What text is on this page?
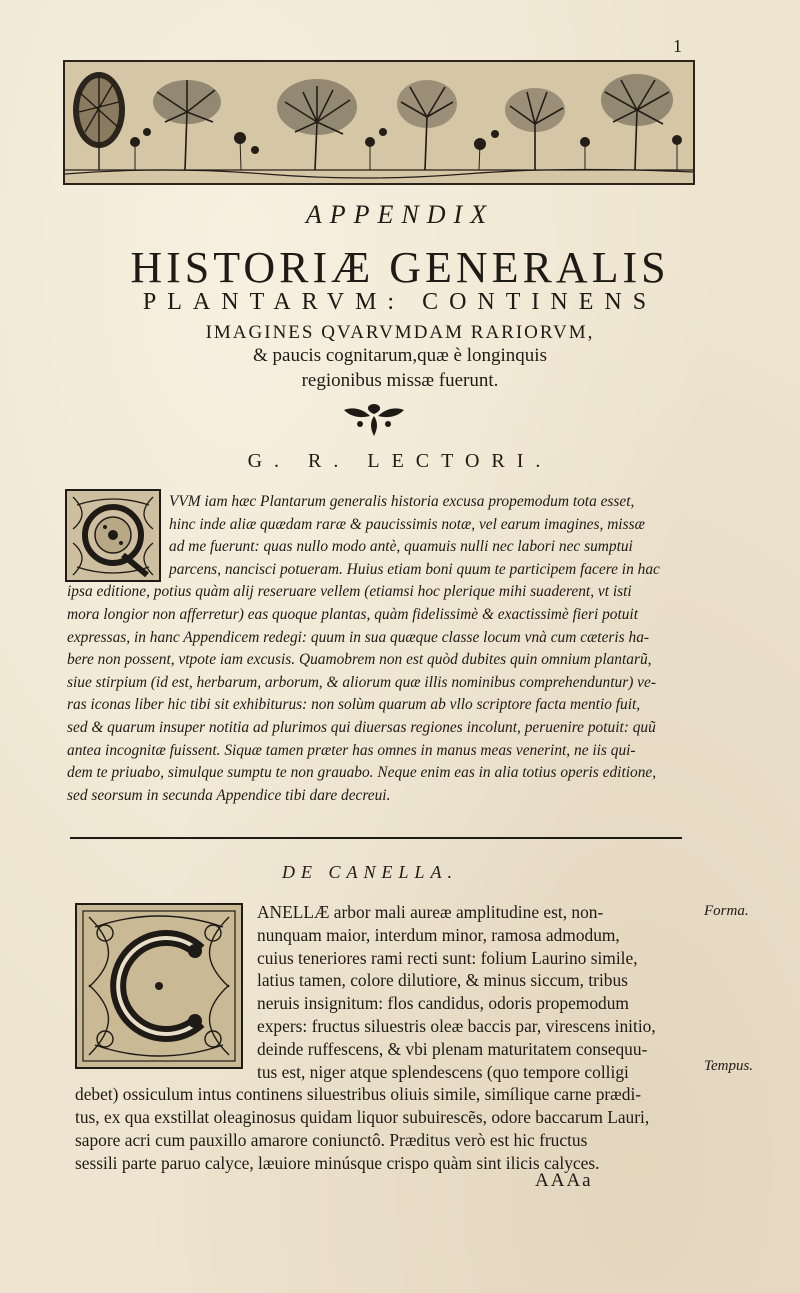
1
APPENDIX
HISTORIÆ GENERALIS
PLANTARVM: CONTINENS
IMAGINES QVARVMDAM RARIORVM,
& paucis cognitarum,quæ è longinquis
regionibus missæ fuerunt.
G. R. LECTORI.
VVM iam hæc Plantarum generalis historia excusa propemodum tota esset,
hinc inde aliæ quædam raræ & paucissimis notæ, vel earum imagines, missæ
ad me fuerunt: quas nullo modo antè, quamuis nulli nec labori nec sumptui
parcens, nancisci potueram. Huius etiam boni quum te participem facere in hac
ipsa editione, potius quàm alij reseruare vellem (etiamsi hoc plerique mihi suaderent, vt isti
mora longior non afferretur) eas quoque plantas, quàm fidelissimè & exactissimè fieri potuit
expressas, in hanc Appendicem redegi: quum in sua quæque classe locum vnà cum cæteris ha-
bere non possent, vtpote iam excusis. Quamobrem non est quòd dubites quin omnium plantarũ,
siue stirpium (id est, herbarum, arborum, & aliorum quæ illis nominibus comprehenduntur) ve-
ras iconas liber hic tibi sit exhibiturus: non solùm quarum ab vllo scriptore facta mentio fuit,
sed & quarum insuper notitia ad plurimos qui diuersas regiones incolunt, peruenire potuit: quũ
antea incognitæ fuissent. Siquæ tamen præter has omnes in manus meas venerint, ne iis qui-
dem te priuabo, simulque sumptu te non grauabo. Neque enim eas in alia totius operis editione,
sed seorsum in secunda Appendice tibi dare decreui.
DE CANELLA.
ANELLÆ arbor mali aureæ amplitudine est, non-
nunquam maior, interdum minor, ramosa admodum,
cuius teneriores rami recti sunt: folium Laurino simile,
latius tamen, colore dilutiore, & minus siccum, tribus
neruis insignitum: flos candidus, odoris propemodum
expers: fructus siluestris oleæ baccis par, virescens initio,
deinde ruffescens, & vbi plenam maturitatem consequu-
tus est, niger atque splendescens (quo tempore colligi
debet) ossiculum intus continens siluestribus oliuis simile, simílique carne prædi-
tus, ex qua exstillat oleaginosus quidam liquor subuirescẽs, odore baccarum Lauri,
sapore acri cum pauxillo amarore coniunctô. Præditus verò est hic fructus
sessili parte paruo calyce, læuiore minúsque crispo quàm sint ilicis calyces.
Forma.
Tempus.
AAAa
